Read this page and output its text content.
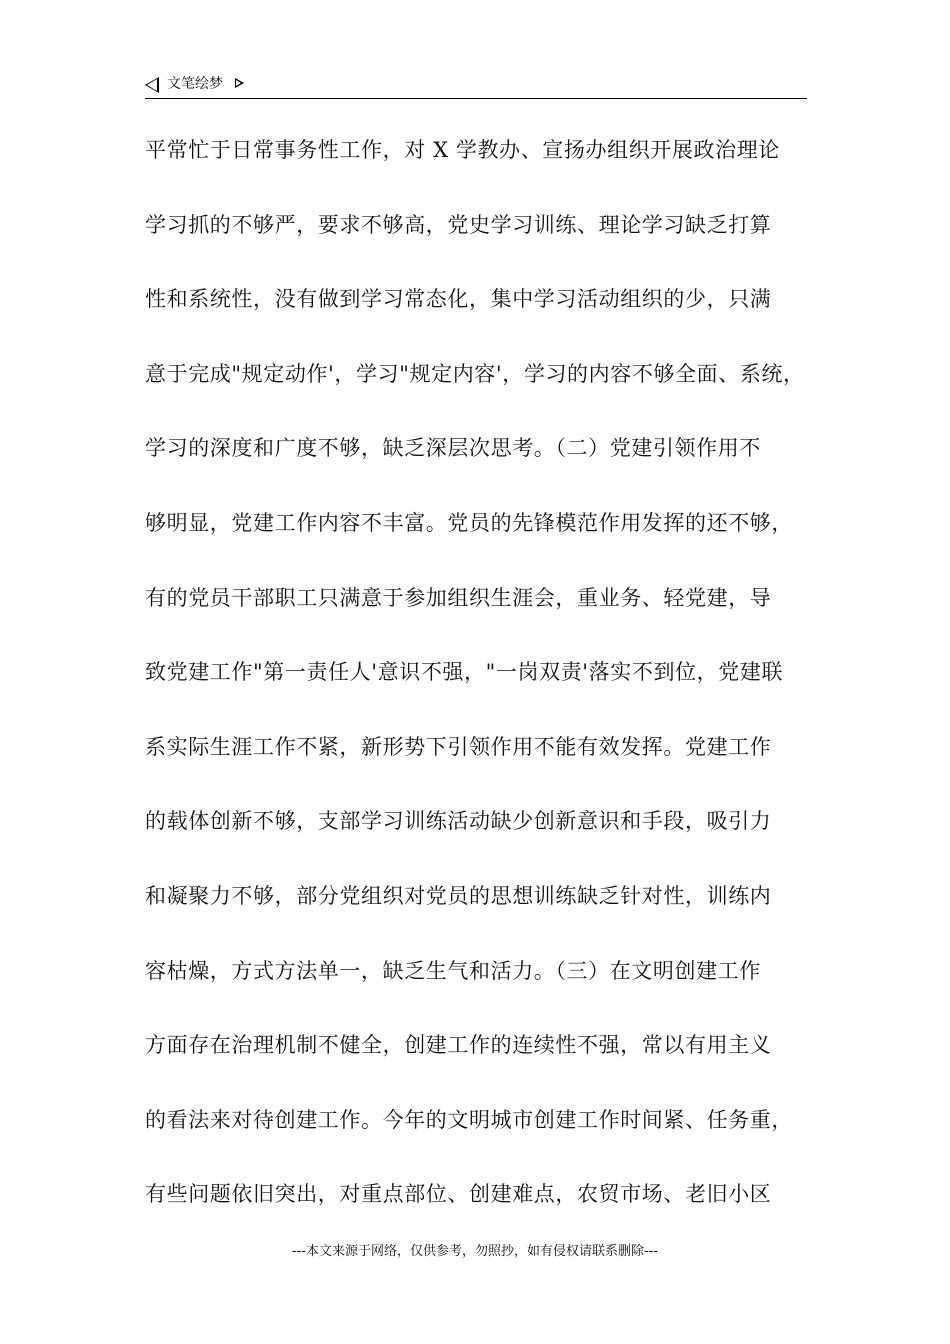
文笔绘梦
平常忙于日常事务性工作，对 X 学教办、宣扬办组织开展政治理论
学习抓的不够严，要求不够高，党史学习训练、理论学习缺乏打算
性和系统性，没有做到学习常态化，集中学习活动组织的少，只满
意于完成"规定动作'，学习"规定内容'，学习的内容不够全面、系统，
学习的深度和广度不够，缺乏深层次思考。（二）党建引领作用不
够明显，党建工作内容不丰富。党员的先锋模范作用发挥的还不够，
有的党员干部职工只满意于参加组织生涯会，重业务、轻党建，导
致党建工作"第一责任人'意识不强，"一岗双责'落实不到位，党建联
系实际生涯工作不紧，新形势下引领作用不能有效发挥。党建工作
的载体创新不够，支部学习训练活动缺少创新意识和手段，吸引力
和凝聚力不够，部分党组织对党员的思想训练缺乏针对性，训练内
容枯燥，方式方法单一，缺乏生气和活力。（三）在文明创建工作
方面存在治理机制不健全，创建工作的连续性不强，常以有用主义
的看法来对待创建工作。今年的文明城市创建工作时间紧、任务重，
有些问题依旧突出，对重点部位、创建难点，农贸市场、老旧小区
---本文来源于网络，仅供参考，勿照抄，如有侵权请联系删除---
